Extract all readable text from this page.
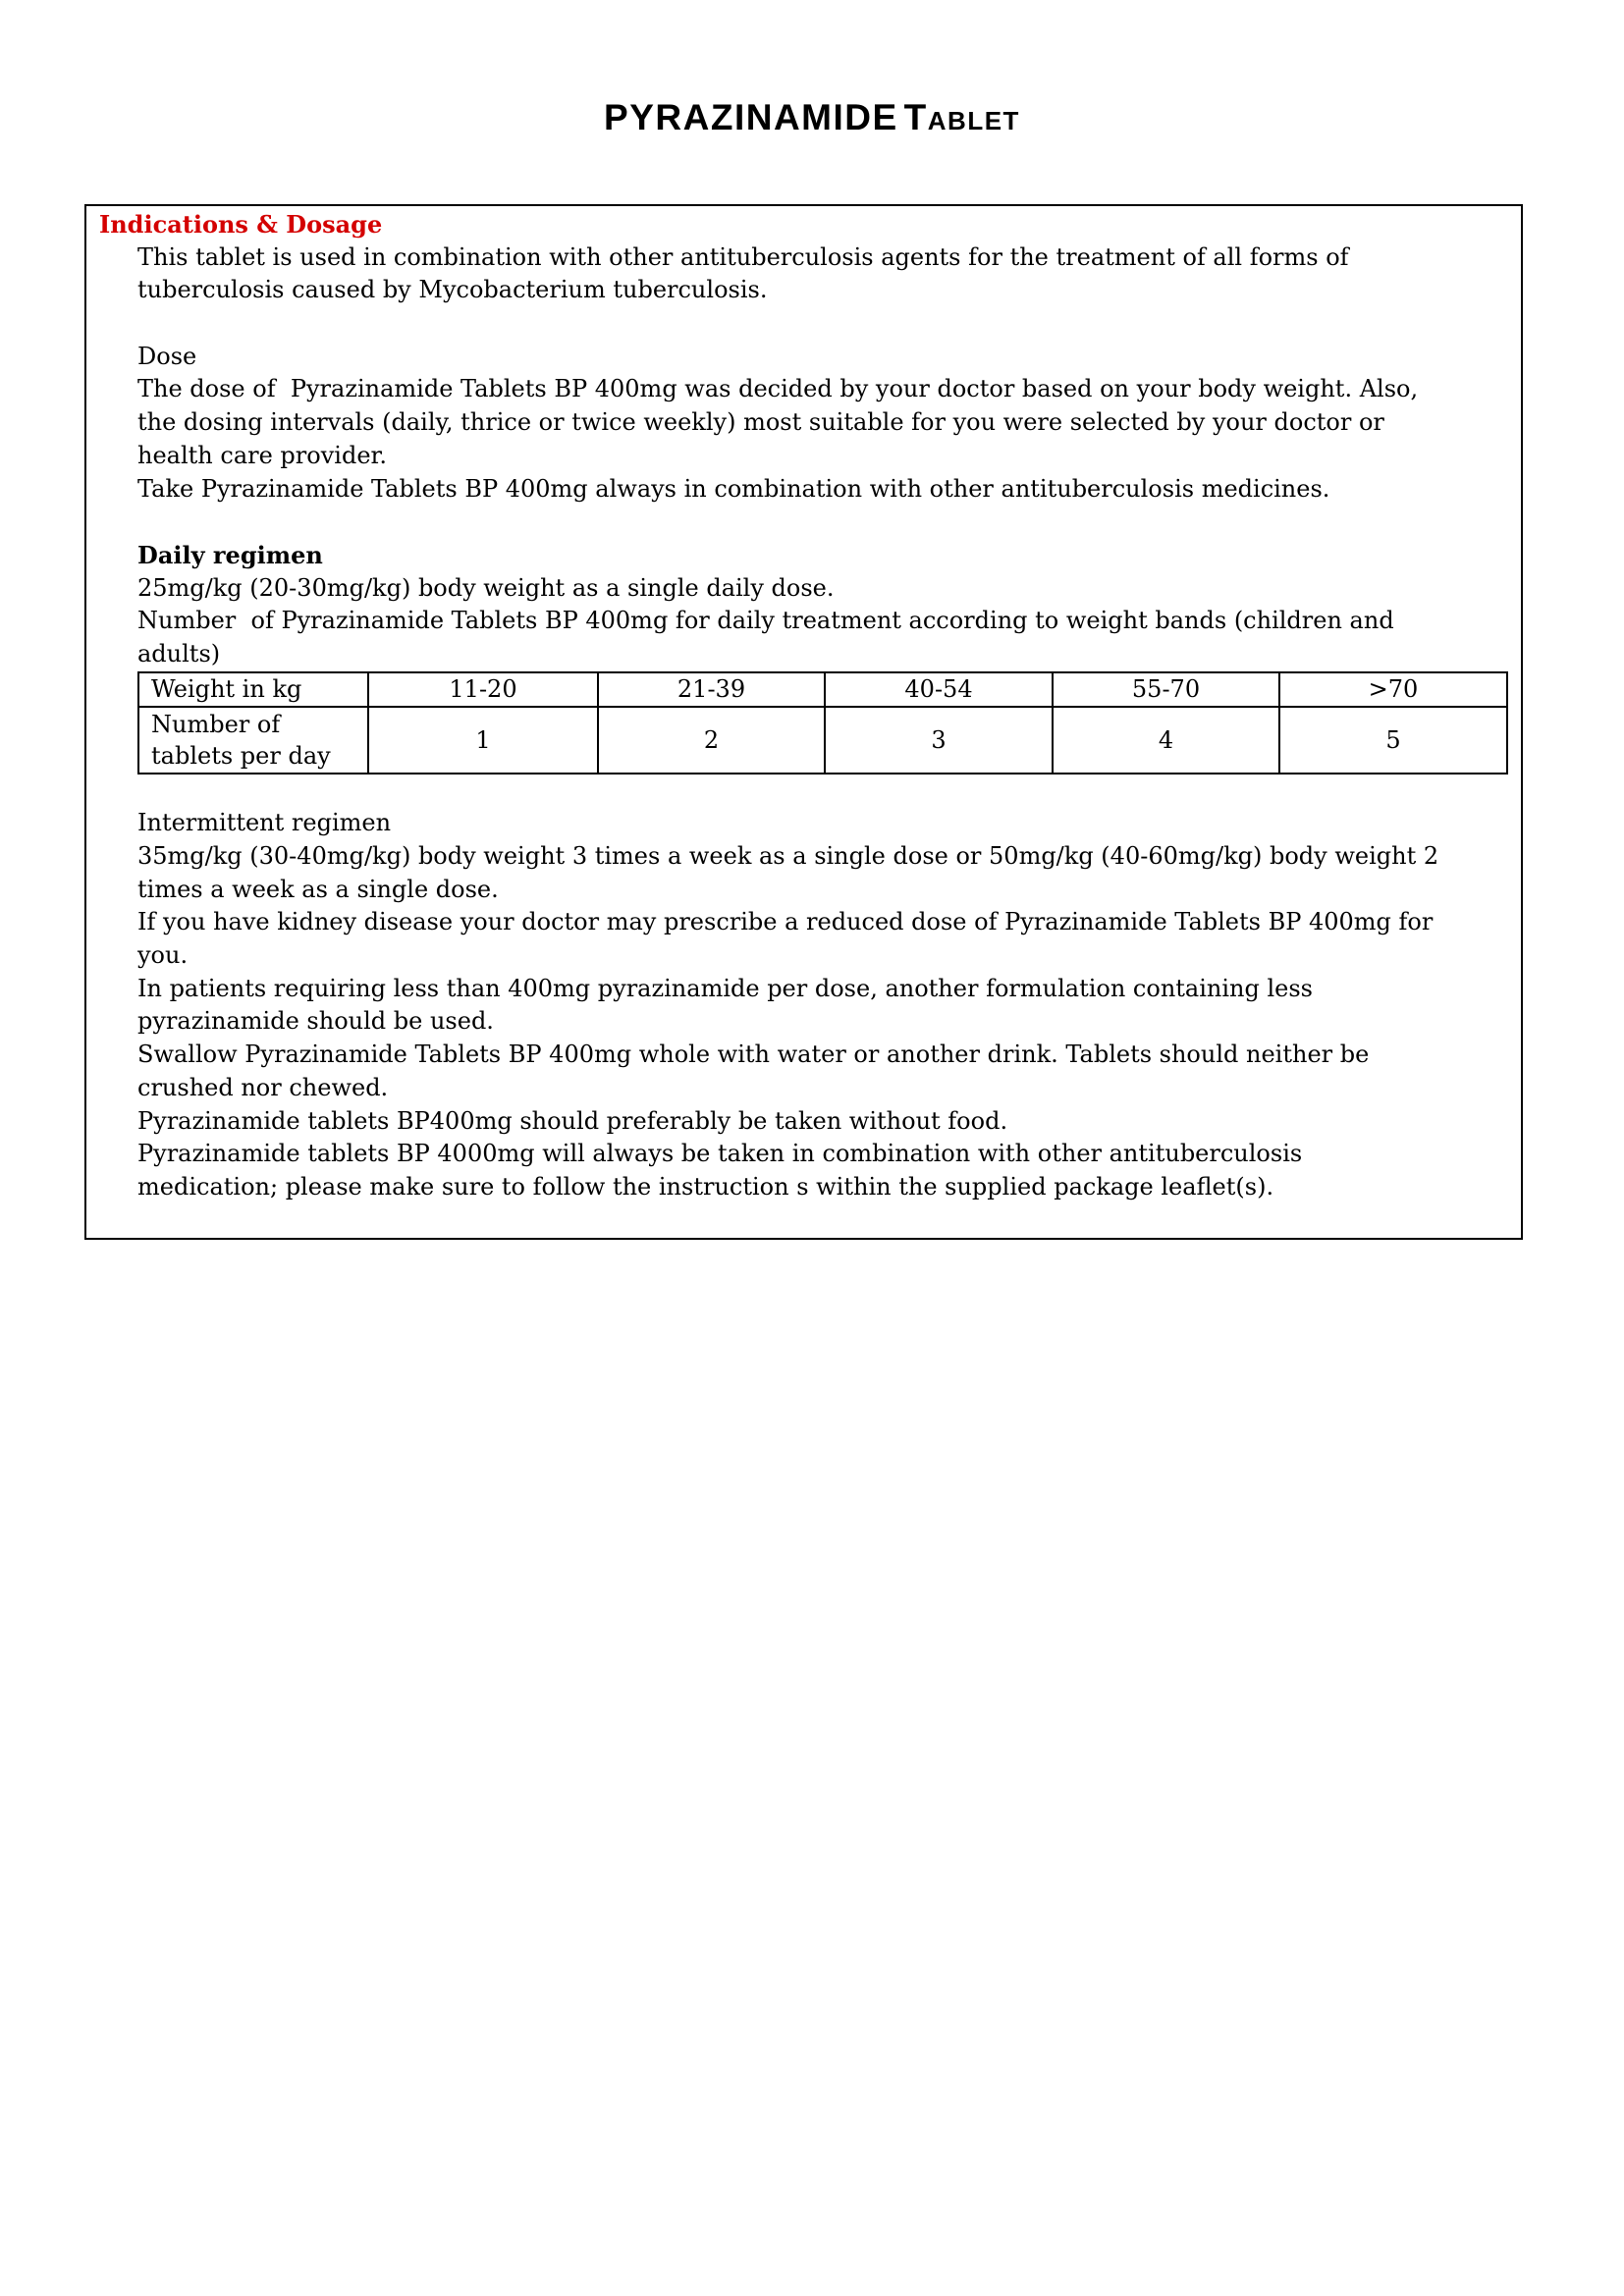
PYRAZINAMIDE Tablet
Indications & Dosage
This tablet is used in combination with other antituberculosis agents for the treatment of all forms of
tuberculosis caused by Mycobacterium tuberculosis.
Dose
The dose of  Pyrazinamide Tablets BP 400mg was decided by your doctor based on your body weight. Also,
the dosing intervals (daily, thrice or twice weekly) most suitable for you were selected by your doctor or
health care provider.
Take Pyrazinamide Tablets BP 400mg always in combination with other antituberculosis medicines.
Daily regimen
25mg/kg (20-30mg/kg) body weight as a single daily dose.
Number  of Pyrazinamide Tablets BP 400mg for daily treatment according to weight bands (children and
adults)
Weight in kg	11-20	21-39	40-54	55-70	>70

Number of
tablets per day	1	2	3	4	5
Intermittent regimen
35mg/kg (30-40mg/kg) body weight 3 times a week as a single dose or 50mg/kg (40-60mg/kg) body weight 2
times a week as a single dose.
If you have kidney disease your doctor may prescribe a reduced dose of Pyrazinamide Tablets BP 400mg for
you.
In patients requiring less than 400mg pyrazinamide per dose, another formulation containing less
pyrazinamide should be used.
Swallow Pyrazinamide Tablets BP 400mg whole with water or another drink. Tablets should neither be
crushed nor chewed.
Pyrazinamide tablets BP400mg should preferably be taken without food.
Pyrazinamide tablets BP 4000mg will always be taken in combination with other antituberculosis
medication; please make sure to follow the instruction s within the supplied package leaflet(s).
